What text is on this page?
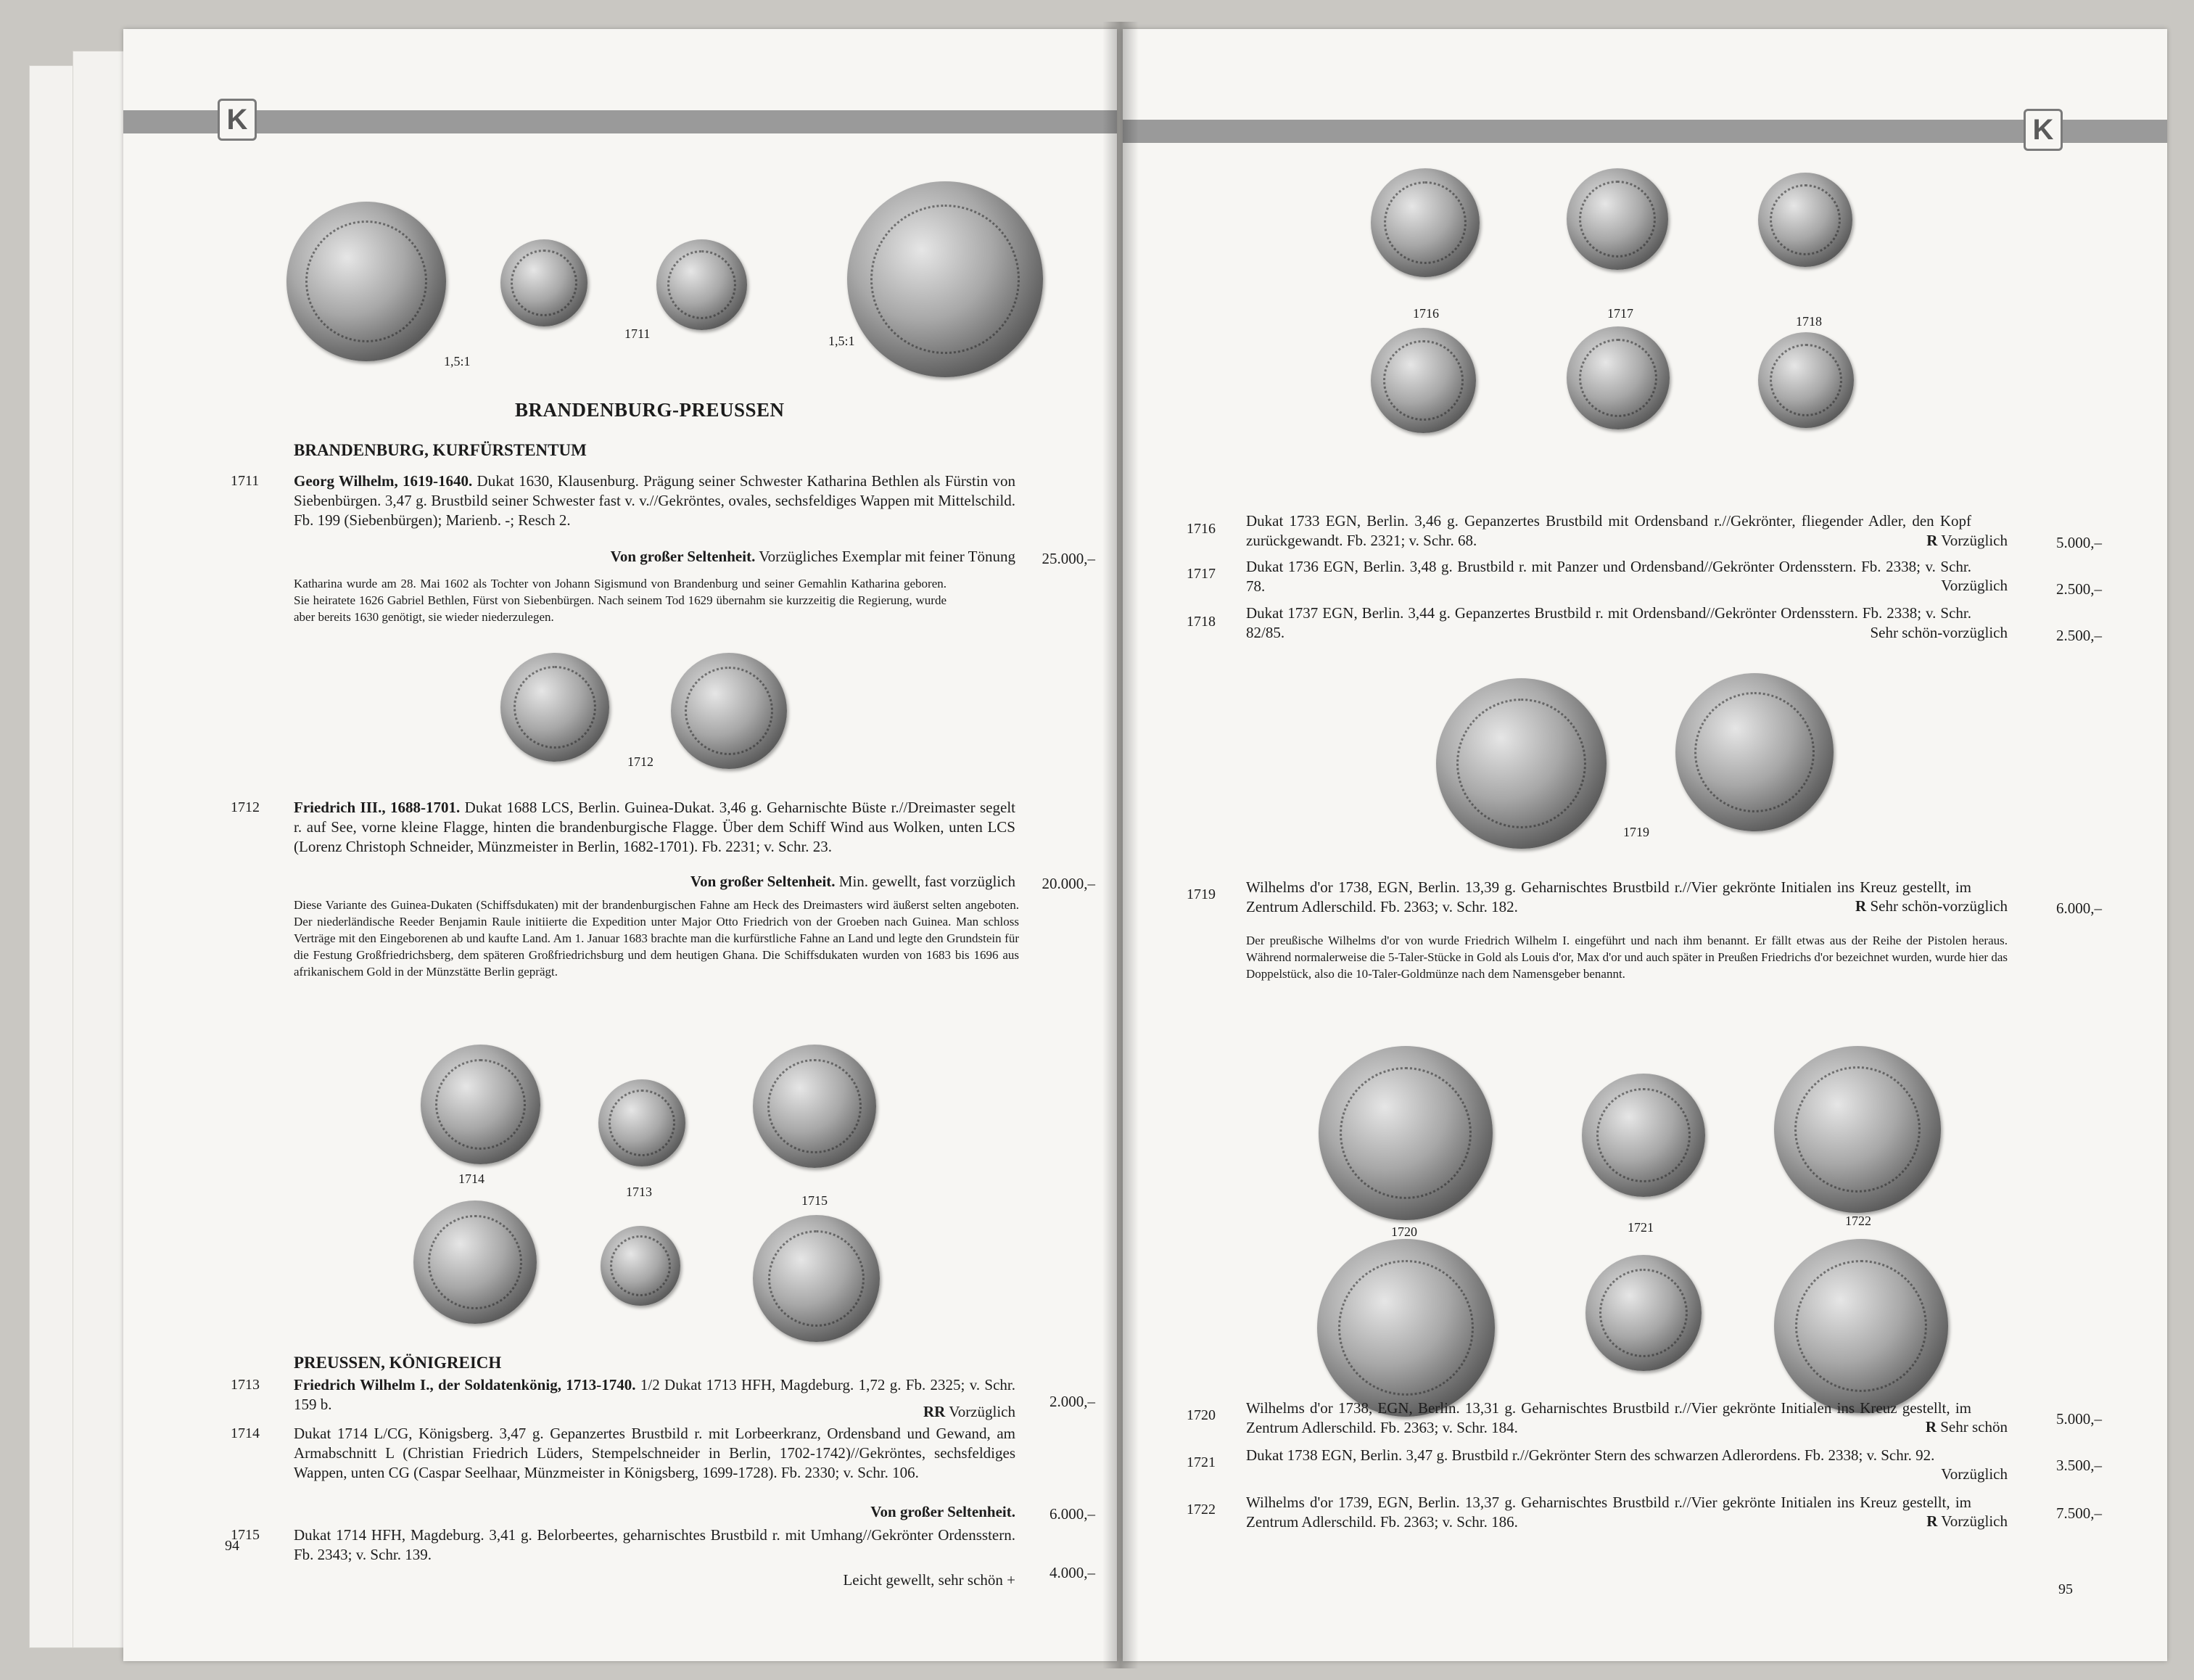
K
1,5:1
1711	1,5:1
BRANDENBURG-PREUSSEN
BRANDENBURG, KURFÜRSTENTUM
1711 Georg Wilhelm, 1619-1640. Dukat 1630, Klausenburg. Prägung seiner Schwester Katharina Bethlen als Fürstin von Siebenbürgen. 3,47 g. Brustbild seiner Schwester fast v. v.//Gekröntes, ovales, sechsfeldiges Wappen mit Mittelschild. Fb. 199 (Siebenbürgen); Marienb. -; Resch 2.
Von großer Seltenheit. Vorzügliches Exemplar mit feiner Tönung	25.000,–
Katharina wurde am 28. Mai 1602 als Tochter von Johann Sigismund von Brandenburg und seiner Gemahlin Katharina geboren. Sie heiratete 1626 Gabriel Bethlen, Fürst von Siebenbürgen. Nach seinem Tod 1629 übernahm sie kurzzeitig die Regierung, wurde aber bereits 1630 genötigt, sie wieder niederzulegen.
1712
1712 Friedrich III., 1688-1701. Dukat 1688 LCS, Berlin. Guinea-Dukat. 3,46 g. Geharnischte Büste r.//Dreimaster segelt r. auf See, vorne kleine Flagge, hinten die brandenburgische Flagge. Über dem Schiff Wind aus Wolken, unten LCS (Lorenz Christoph Schneider, Münzmeister in Berlin, 1682-1701). Fb. 2231; v. Schr. 23.
Von großer Seltenheit. Min. gewellt, fast vorzüglich	20.000,–
Diese Variante des Guinea-Dukaten (Schiffsdukaten) mit der brandenburgischen Fahne am Heck des Dreimasters wird äußerst selten angeboten. Der niederländische Reeder Benjamin Raule initiierte die Expedition unter Major Otto Friedrich von der Groeben nach Guinea. Man schloss Verträge mit den Eingeborenen ab und kaufte Land. Am 1. Januar 1683 brachte man die kurfürstliche Fahne an Land und legte den Grundstein für die Festung Großfriedrichsberg, dem späteren Großfriedrichsburg und dem heutigen Ghana. Die Schiffsdukaten wurden von 1683 bis 1696 aus afrikanischem Gold in der Münzstätte Berlin geprägt.
1714
1713
1715
PREUSSEN, KÖNIGREICH
1713 Friedrich Wilhelm I., der Soldatenkönig, 1713-1740. 1/2 Dukat 1713 HFH, Magdeburg. 1,72 g. Fb. 2325; v. Schr. 159 b.	RR Vorzüglich
2.000,–
1714 Dukat 1714 L/CG, Königsberg. 3,47 g. Gepanzertes Brustbild r. mit Lorbeerkranz, Ordensband und Gewand, am Armabschnitt L (Christian Friedrich Lüders, Stempelschneider in Berlin, 1702-1742)//Gekröntes, sechsfeldiges Wappen, unten CG (Caspar Seelhaar, Münzmeister in Königsberg, 1699-1728). Fb. 2330; v. Schr. 106.
Von großer Seltenheit.	6.000,–
1715 Dukat 1714 HFH, Magdeburg. 3,41 g. Belorbeertes, geharnischtes Brustbild r. mit Umhang//Gekrönter Ordensstern. Fb. 2343; v. Schr. 139.
Leicht gewellt, sehr schön +	4.000,–
94
K
1716	1717
1718
1716 Dukat 1733 EGN, Berlin. 3,46 g. Gepanzertes Brustbild mit Ordensband r.//Gekrönter, fliegender Adler, den Kopf zurückgewandt. Fb. 2321; v. Schr. 68.	R Vorzüglich	5.000,–
1717 Dukat 1736 EGN, Berlin. 3,48 g. Brustbild r. mit Panzer und Ordensband//Gekrönter Ordensstern. Fb. 2338; v. Schr. 78.	Vorzüglich	2.500,–
1718 Dukat 1737 EGN, Berlin. 3,44 g. Gepanzertes Brustbild r. mit Ordensband//Gekrönter Ordensstern. Fb. 2338; v. Schr. 82/85.	Sehr schön-vorzüglich	2.500,–
1719
1719 Wilhelms d'or 1738, EGN, Berlin. 13,39 g. Geharnischtes Brustbild r.//Vier gekrönte Initialen ins Kreuz gestellt, im Zentrum Adlerschild. Fb. 2363; v. Schr. 182.	R Sehr schön-vorzüglich	6.000,–
Der preußische Wilhelms d'or von wurde Friedrich Wilhelm I. eingeführt und nach ihm benannt. Er fällt etwas aus der Reihe der Pistolen heraus. Während normalerweise die 5-Taler-Stücke in Gold als Louis d'or, Max d'or und auch später in Preußen Friedrichs d'or bezeichnet wurden, wurde hier das Doppelstück, also die 10-Taler-Goldmünze nach dem Namensgeber benannt.
1720	1721	1722
1720 Wilhelms d'or 1738, EGN, Berlin. 13,31 g. Geharnischtes Brustbild r.//Vier gekrönte Initialen ins Kreuz gestellt, im Zentrum Adlerschild. Fb. 2363; v. Schr. 184.	R Sehr schön	5.000,–
1721 Dukat 1738 EGN, Berlin. 3,47 g. Brustbild r.//Gekrönter Stern des schwarzen Adlerordens. Fb. 2338; v. Schr. 92.
Vorzüglich	3.500,–
1722 Wilhelms d'or 1739, EGN, Berlin. 13,37 g. Geharnischtes Brustbild r.//Vier gekrönte Initialen ins Kreuz gestellt, im Zentrum Adlerschild. Fb. 2363; v. Schr. 186.	R Vorzüglich	7.500,–
95
